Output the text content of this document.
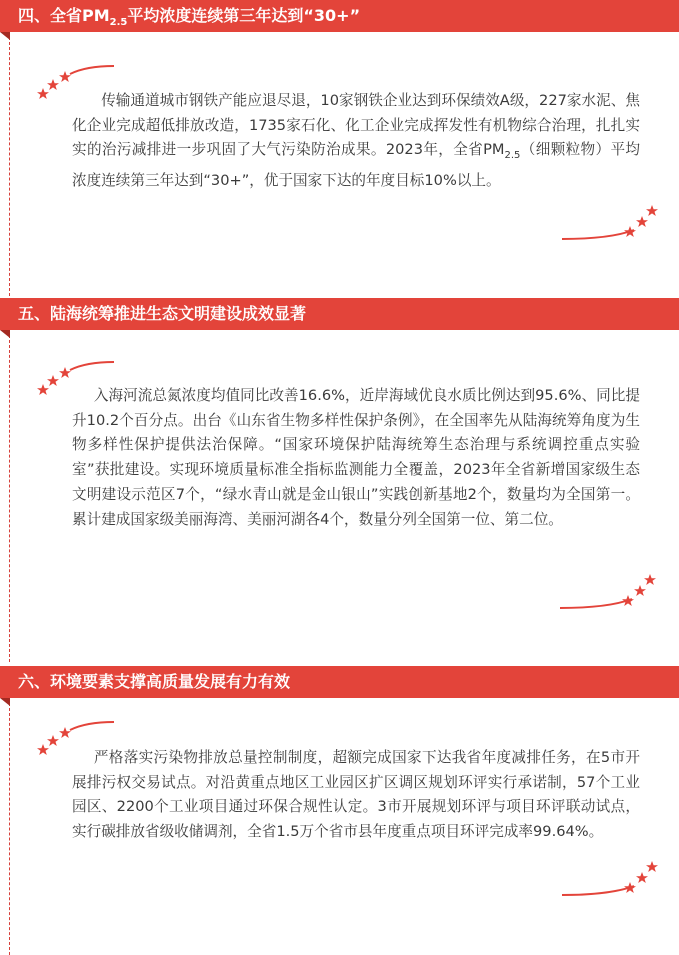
四、全省$PM_{2.5}$平均浓度连续第三年达到“30+”
传输通道城市钢铁产能应退尽退，10家钢铁企业达到环保绩效A级，227家水泥、焦化企业完成超低排放改造，1735家石化、化工企业完成挥发性有机物综合治理，扎扎实实的治污减排进一步巩固了大气污染防治成果。2023年，全省$PM_{2.5}$（细颗粒物）平均浓度连续第三年达到“30+”，优于国家下达的年度目标10%以上。
五、陆海统筹推进生态文明建设成效显著
入海河流总氮浓度均值同比改善16.6%，近岸海域优良水质比例达到95.6%、同比提升10.2个百分点。出台《山东省生物多样性保护条例》，在全国率先从陆海统筹角度为生物多样性保护提供法治保障。“国家环境保护陆海统筹生态治理与系统调控重点实验室”获批建设。实现环境质量标准全指标监测能力全覆盖，2023年全省新增国家级生态文明建设示范区7个，“绿水青山就是金山银山”实践创新基地2个，数量均为全国第一。累计建成国家级美丽海湾、美丽河湖各4个，数量分列全国第一位、第二位。
六、环境要素支撑高质量发展有力有效
严格落实污染物排放总量控制制度，超额完成国家下达我省年度减排任务，在5市开展排污权交易试点。对沿黄重点地区工业园区扩区调区规划环评实行承诺制，57个工业园区、2200个工业项目通过环保合规性认定。3市开展规划环评与项目环评联动试点，实行碳排放省级收储调剂，全省1.5万个省市县年度重点项目环评完成率99.64%。
